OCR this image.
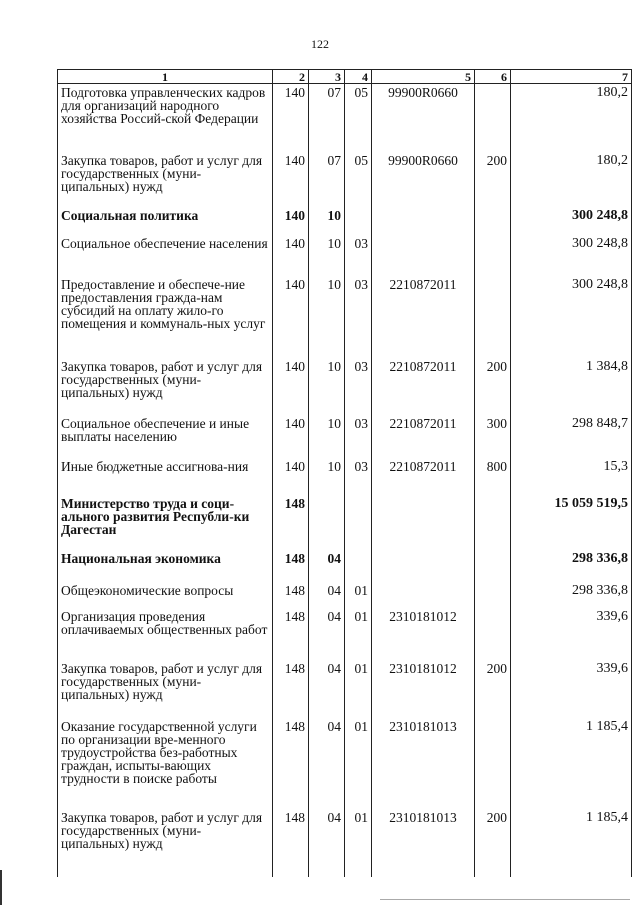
122
1	2	3	4	5	6	7
Подготовка управленческих кадров для организаций народного хозяйства Россий-ской Федерации	140	07	05	99900R0660		180,2
Закупка товаров, работ и услуг для государственных (муни-ципальных) нужд	140	07	05	99900R0660	200	180,2
Социальная политика	140	10				300 248,8
Социальное обеспечение населения	140	10	03			300 248,8
Предоставление и обеспече-ние предоставления гражда-нам субсидий на оплату жило-го помещения и коммуналь-ных услуг	140	10	03	2210872011		300 248,8
Закупка товаров, работ и услуг для государственных (муни-ципальных) нужд	140	10	03	2210872011	200	1 384,8
Социальное обеспечение и иные выплаты населению	140	10	03	2210872011	300	298 848,7
Иные бюджетные ассигнова-ния	140	10	03	2210872011	800	15,3
Министерство труда и соци-ального развития Республи-ки Дагестан	148					15 059 519,5
Национальная экономика	148	04				298 336,8
Общеэкономические вопросы	148	04	01			298 336,8
Организация проведения оплачиваемых общественных работ	148	04	01	2310181012		339,6
Закупка товаров, работ и услуг для государственных (муни-ципальных) нужд	148	04	01	2310181012	200	339,6
Оказание государственной услуги по организации вре-менного трудоустройства без-работных граждан, испыты-вающих трудности в поиске работы	148	04	01	2310181013		1 185,4
Закупка товаров, работ и услуг для государственных (муни-ципальных) нужд	148	04	01	2310181013	200	1 185,4
